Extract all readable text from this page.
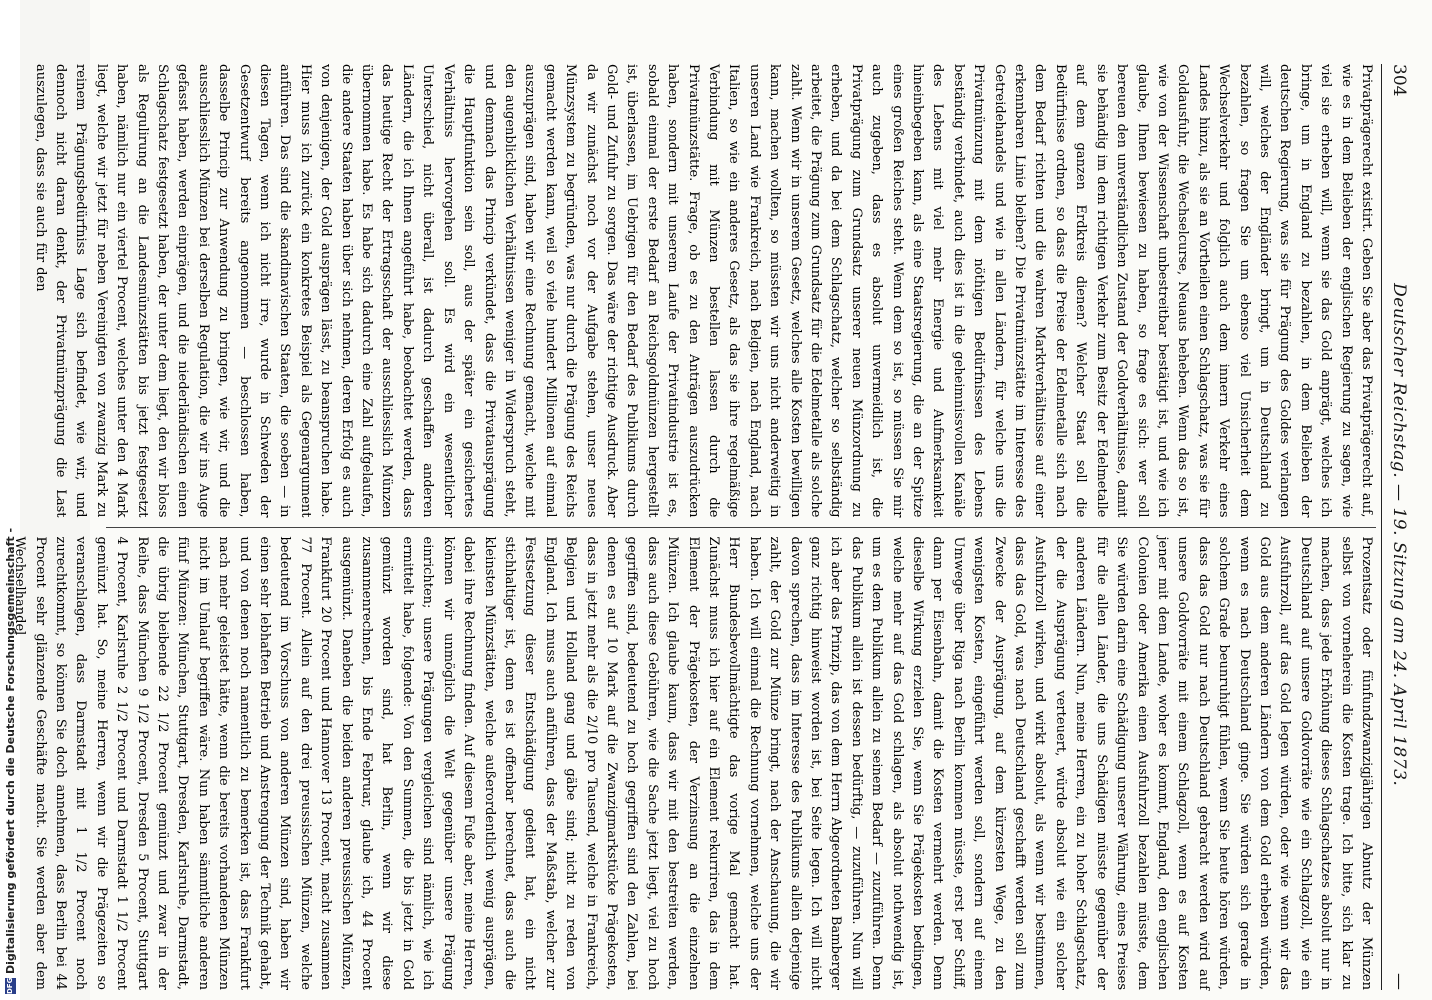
DFG
Digitalisierung gefördert durch die Deutsche Forschungsgemeinschaft -
304
Deutscher Reichstag. — 19. Sitzung am 24. April 1873.
—
Privatprägerecht existirt. Geben Sie aber das Privatprägerecht auf, wie es in dem Belieben der englischen Regierung zu sagen, wie viel sie erheben will, wenn sie das Gold anprägt, welches ich bringe, um in England zu bezahlen, in dem Belieben der deutschen Regierung, was sie für Prägung des Goldes verlangen will, welches der Engländer bringt, um in Deutschland zu bezahlen, so fragen Sie um ebenso viel Unsicherheit dem Wechselverkehr und folglich auch dem innern Verkehr eines Landes hinzu, als sie an Vortheilen einen Schlagschatz, was sie für Goldausfuhr, die Wechselcurse, Neuaus beheben. Wenn das so ist, wie von der Wissenschaft unbestreitbar bestätigt ist, und wie ich glaube, Ihnen bewiesen zu haben, so frage es sich: wer soll bereuen den unverständlichen Zustand der Goldverhältnisse, damit sie behändig im dem richtigen Verkehr zum Besitz der Edelmetalle auf dem ganzen Erdkreis dienen? Welcher Staat soll die Bedürfnisse ordnen, so dass die Preise der Edelmetalle sich nach dem Bedarf richten und die wahren Marktverhältnisse auf einer erkennbaren Linie bleiben? Die Privatmünzstätte im Interesse des Getreidehandels und wie in allen Ländern, für welche uns die Privatmünzung mit dem nöthigen Bedürfnissen des Lebens beständig verbindet, auch dies ist in die geheimnissvollen Kanäle des Lebens mit viel mehr Energie und Aufmerksamkeit hineinbegeben kann, als eine Staatsregierung, die an der Spitze eines großen Reiches steht. Wenn dem so ist, so müssen Sie mir auch zugeben, dass es absolut unvermeidlich ist, die Privatprägung zum Grundsatz unserer neuen Münzordnung zu erheben, und da bei dem Schlagschatz, welcher so selbständig arbeitet, die Prägung zum Grundsatz für die Edelmetalle als solche zahlt. Wenn wir in unserem Gesetz, welches alle Kosten bewilligen kann, machen wollten, so müssten wir uns nicht anderweitig in unseren Land wie Frankreich, nach Belgien, nach England, nach Italien, so wie ein anderes Gesetz, als das sie ihre regelmäßige Verbindung mit Münzen bestellen lassen durch die Privatmünzstätte. Frage, ob es zu den Anträgen auszudrücken haben, sondern mit unserem Laufe der Privatindustrie ist es, sobald einmal der erste Bedarf an Reichsgoldmünzen hergestellt ist, überlassen, im Uebrigen für den Bedarf des Publikums durch Gold- und Zufuhr zu sorgen. Das wäre der richtige Ausdruck. Aber da wir zunächst noch vor der Aufgabe stehen, unser neues Münzsystem zu begründen, was nur durch die Prägung des Reichs gemacht werden kann, weil so viele hundert Millionen auf einmal auszuprägen sind, haben wir eine Rechnung gemacht, welche mit den augenblicklichen Verhältnissen weniger in Widerspruch steht, und demnach das Princip verkündet, dass die Privatausprägung die Hauptfunktion sein soll, aus der später ein gesichertes Verhältniss hervorgehen soll. Es wird ein wesentlicher Unterschied, nicht überall, ist dadurch geschaffen anderen Ländern, die ich Ihnen angeführt habe, beobachtet werden, dass das heutige Recht der Ertragsschaft der ausschliesslich Münzen übernommen habe. Es habe sich dadurch eine Zahl aufgelaufen, die andere Staaten haben über sich nehmen, deren Erfolg es auch von denjenigen, der Gold ausprägen lässt, zu beanspruchen habe. Hier muss ich zurück ein konkretes Beispiel als Gegenargument anführen. Das sind die skandinavischen Staaten, die soeben — in diesen Tagen, wenn ich nicht irre, wurde in Schweden der Gesetzentwurf bereits angenommen — beschlossen haben, dasselbe Princip zur Anwendung zu bringen, wie wir, und die ausschliesslich Münzen bei derselben Regulation, die wir ins Auge gefasst haben, werden einprägen, und die niederländischen einen Schlagschatz festgesetzt haben, der unter dem liegt, den wir bloss als Regulirung an die Landesmünzstätten bis jetzt festgesetzt haben, nämlich nur ein viertel Procent, welches unter den 4 Mark liegt, welche wir jetzt für neben Vereinigten von zwanzig Mark zu reinem Prägungsbedürfniss Lage sich befindet, wie wir, und dennoch nicht daran denkt, der Privatmünzprägung die Last auszulegen, dass sie auch für den
Prozentsatz oder fünfundzwanzigjährigen Abnutz der Münzen selbst von vorneherein die Kosten trage. Ich bitte, sich klar zu machen, dass jede Erhöhung dieses Schlagschatzes absolut nur in Deutschland auf unsere Goldvorräte wie ein Schlagzoll, wie ein Ausfuhrzoll, auf das Gold legen würden, oder wie wenn wir das Gold aus dem anderen Ländern von dem Gold erheben würden, wenn es nach Deutschland ginge. Sie würden sich gerade in solchem Grade beunruhigt fühlen, wenn Sie heute hören würden, dass das Gold nur nach Deutschland gebracht werden wird auf unsere Goldvorräte mit einem Schlagzoll, wenn es auf Kosten jener mit dem Lande, woher es kommt, England, den englischen Colonien oder Amerika einen Ausfuhrzoll bezahlen müsste, dem Sie würden darin eine Schädigung unserer Währung, eines Preises für die allen Länder, die uns Schädigen müsste gegenüber der anderen Ländern. Nun, meine Herren, ein zu hoher Schlagschatz, der die Ausprägung verteuert, würde absolut wie ein solcher Ausfuhrzoll wirken, und wirkt absolut, als wenn wir bestimmen, dass das Gold, was nach Deutschland geschafft werden soll zum Zwecke der Ausprägung, auf dem kürzesten Wege, zu den wenigsten Kosten, eingeführt werden soll, sondern auf einem Umwege über Riga nach Berlin kommen müsste, erst per Schiff, dann per Eisenbahn, damit die Kosten vermehrt werden. Denn dieselbe Wirkung erzielen Sie, wenn Sie Prägekosten bedingen, welche mehr auf das Gold schlagen, als absolut nothwendig ist, um es dem Publikum allein zu seinem Bedarf — zuzuführen. Denn das Publikum allein ist dessen bedürftig, — zuzuführen. Nun will ich aber das Prinzip, das von dem Herrn Abgeordneten Bamberger ganz richtig hinweist worden ist, bei Seite legen. Ich will nicht davon sprechen, dass im Interesse des Publikums allein derjenige zahlt, der Gold zur Münze bringt, nach der Anschauung, die wir haben. Ich will einmal die Rechnung vornehmen, welche uns der Herr Bundesbevollmächtigte das vorige Mal gemacht hat. Zunächst muss ich hier auf ein Element rekurriren, das in dem Element der Prägekosten, der Verzinsung an die einzelnen Münzen. Ich glaube kaum, dass wir mit den bestreiten werden, dass auch diese Gebühren, wie die Sache jetzt liegt, viel zu hoch gegriffen sind, bedeutend zu hoch gegriffen sind den Zahlen, bei denen es auf 10 Mark auf die Zwanzigmarkstücke Prägekosten, dass in jetzt mehr als die 2/10 pro Tausend, welche in Frankreich, Belgien und Holland gang und gäbe sind; nicht zu reden von England. Ich muss auch anführen, dass der Maßstab, welcher zur Festsetzung dieser Entschädigung gedient hat, ein nicht stichhaltiger ist, denn es ist offenbar berechnet, dass auch die kleinsten Münzstätten, welche außerordentlich wenig ausprägen, dabei ihre Rechnung finden. Auf diesem Fuße aber, meine Herren, können wir unmöglich die Welt gegenüber unsere Prägung einrichten; unsere Prägungen vergleichen sind nämlich, wie ich ermittelt habe, folgende: Von den Summen, die bis jetzt in Gold gemünzt worden sind, hat Berlin, wenn wir diese zusammenrechnen, bis Ende Februar, glaube ich, 44 Procent ausgemünzt. Daneben die beiden anderen preussischen Münzen, Frankfurt 20 Procent und Hannover 13 Procent, macht zusammen 77 Procent. Allein auf den drei preussischen Münzen, welche bedeutend im Vorschuss von anderen Münzen sind, haben wir einen sehr lebhaften Betrieb und Anstrengung der Technik gehabt, und von denen noch namentlich zu bemerken ist, dass Frankfurt nach mehr geleistet hätte, wenn die bereits vorhandenen Münzen nicht im Umlauf begriffen wäre. Nun haben sämmtliche anderen fünf Münzen: München, Stuttgart, Dresden, Karlsruhe, Darmstadt, die übrig bleibende 22 1/2 Procent gemünzt und zwar in der Reihe, dass München 9 1/2 Procent, Dresden 5 Procent, Stuttgart 4 Procent, Karlsruhe 2 1/2 Procent und Darmstadt 1 1/2 Procent gemünzt hat. So, meine Herren, wenn wir die Prägezeiten so veranschlagen, dass Darmstadt mit 1 1/2 Procent noch zurechtkommt, so können Sie doch annehmen, dass Berlin bei 44 Procent sehr glänzende Geschäfte macht. Sie werden aber dem Wechselhandel
